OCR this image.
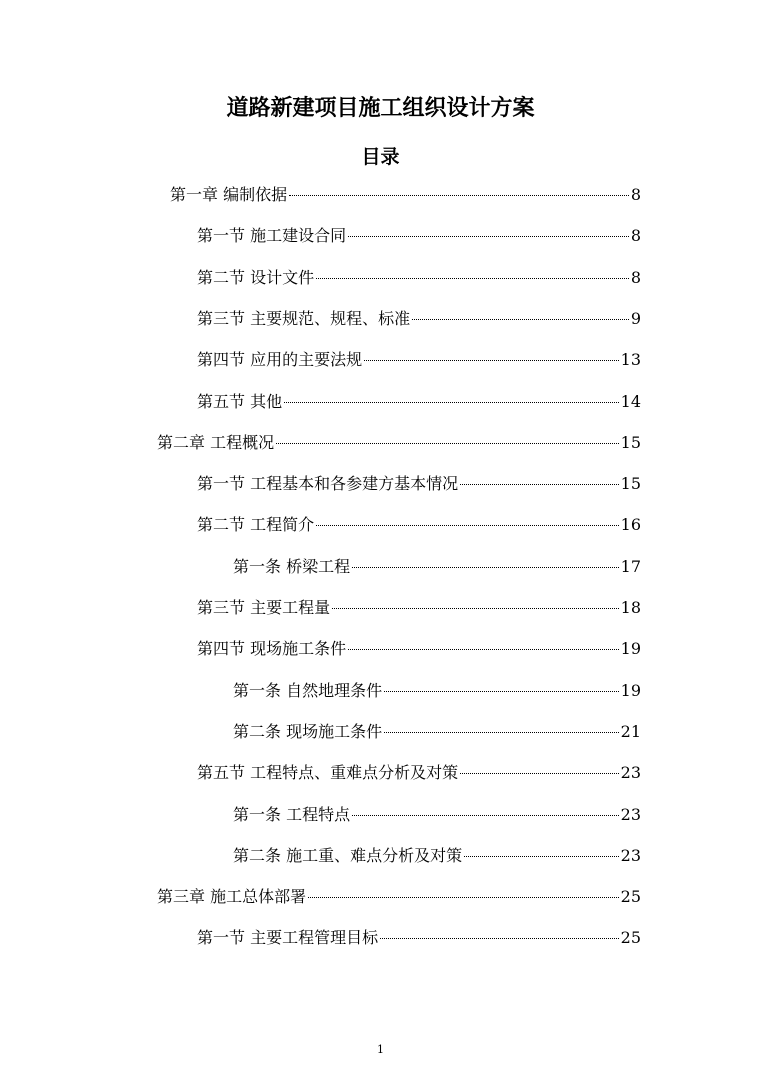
道路新建项目施工组织设计方案
目录
第一章 编制依据	8
第一节 施工建设合同	8
第二节 设计文件	8
第三节 主要规范、规程、标准	9
第四节 应用的主要法规	13
第五节 其他	14
第二章 工程概况	15
第一节 工程基本和各参建方基本情况	15
第二节 工程简介	16
第一条 桥梁工程	17
第三节 主要工程量	18
第四节 现场施工条件	19
第一条 自然地理条件	19
第二条 现场施工条件	21
第五节 工程特点、重难点分析及对策	23
第一条 工程特点	23
第二条 施工重、难点分析及对策	23
第三章 施工总体部署	25
第一节 主要工程管理目标	25
1
